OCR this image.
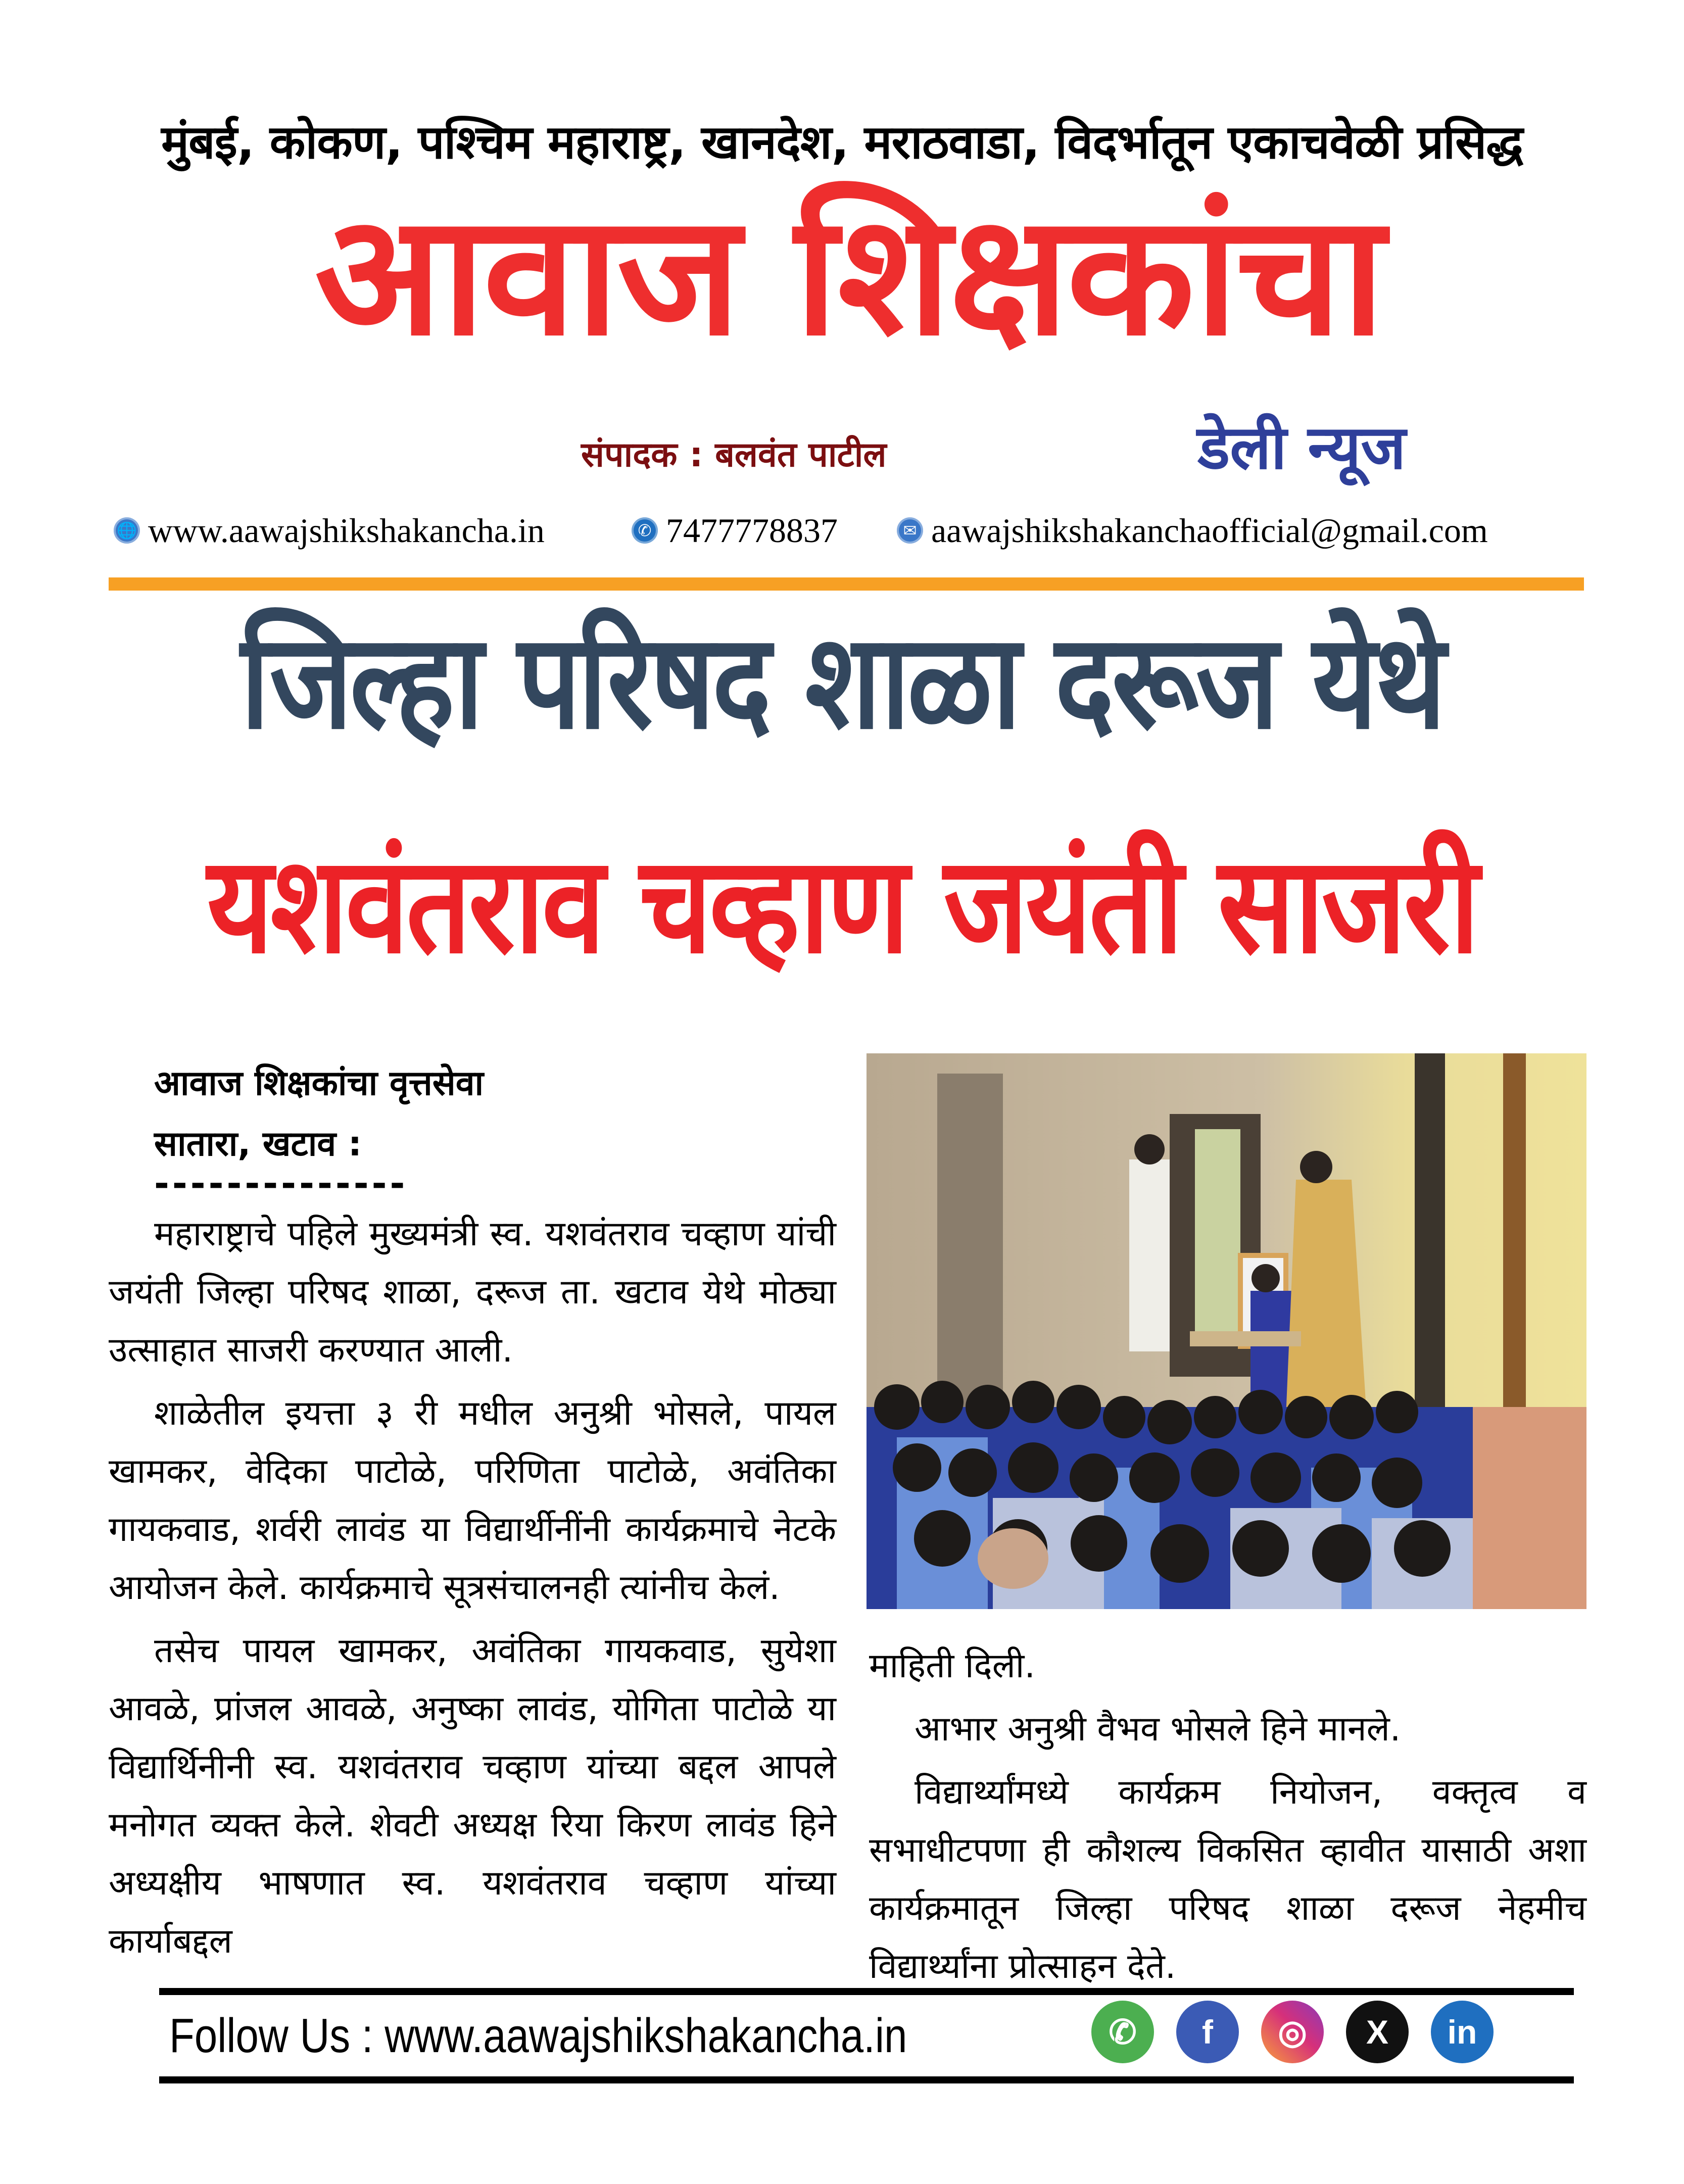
मुंबई, कोकण, पश्चिम महाराष्ट्र, खानदेश, मराठवाडा, विदर्भातून एकाचवेळी प्रसिद्ध
आवाज शिक्षकांचा
संपादक : बलवंत पाटील	डेली न्यूज
🌐 www.aawajshikshakancha.in	✆ 7477778837	✉ aawajshikshakanchaofficial@gmail.com
जिल्हा परिषद शाळा दरूज येथे
यशवंतराव चव्हाण जयंती साजरी
आवाज शिक्षकांचा वृत्तसेवा
सातारा, खटाव :
--------------

महाराष्ट्राचे पहिले मुख्यमंत्री स्व. यशवंतराव चव्हाण यांची जयंती जिल्हा परिषद शाळा, दरूज ता. खटाव येथे मोठ्या उत्साहात साजरी करण्यात आली.

शाळेतील इयत्ता ३ री मधील अनुश्री भोसले, पायल खामकर, वेदिका पाटोळे, परिणिता पाटोळे, अवंतिका गायकवाड, शर्वरी लावंड या विद्यार्थीनींनी कार्यक्रमाचे नेटके आयोजन केले. कार्यक्रमाचे सूत्रसंचालनही त्यांनीच केलं.

तसेच पायल खामकर, अवंतिका गायकवाड, सुयेशा आवळे, प्रांजल आवळे, अनुष्का लावंड, योगिता पाटोळे या विद्यार्थिनीनी स्व. यशवंतराव चव्हाण यांच्या बद्दल आपले मनोगत व्यक्त केले. शेवटी अध्यक्ष रिया किरण लावंड हिने अध्यक्षीय भाषणात स्व. यशवंतराव चव्हाण यांच्या कार्याबद्दल

माहिती दिली.

आभार अनुश्री वैभव भोसले हिने मानले.

विद्यार्थ्यांमध्ये कार्यक्रम नियोजन, वक्तृत्व व सभाधीटपणा ही कौशल्य विकसित व्हावीत यासाठी अशा कार्यक्रमातून जिल्हा परिषद शाळा दरूज नेहमीच विद्यार्थ्यांना प्रोत्साहन देते.

Follow Us : www.aawajshikshakancha.in	✆	f	◎	X	in
